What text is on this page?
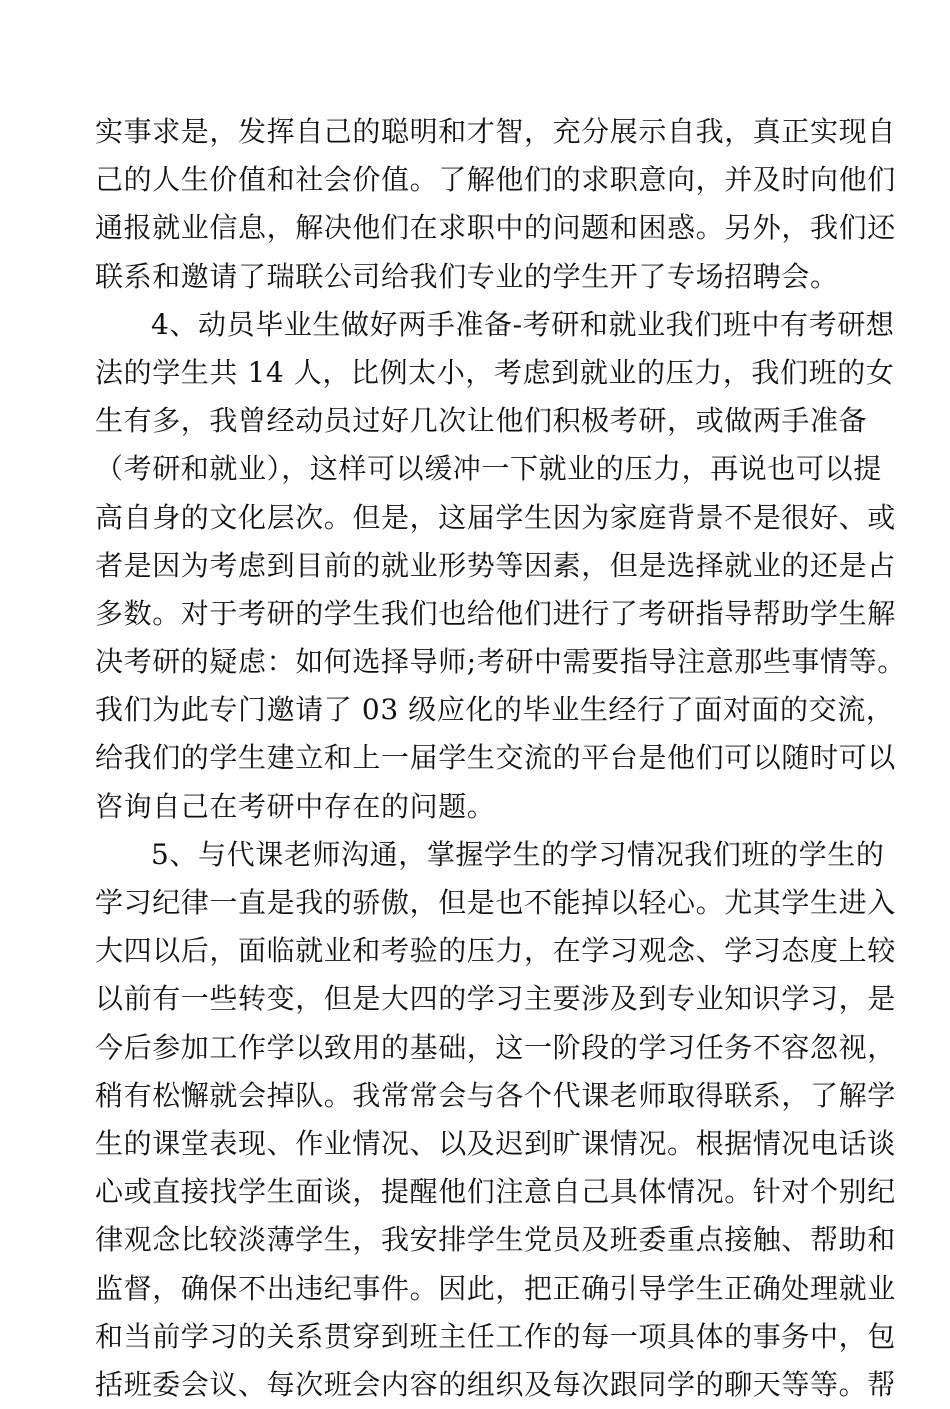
实事求是，发挥自己的聪明和才智，充分展示自我，真正实现自
己的人生价值和社会价值。了解他们的求职意向，并及时向他们
通报就业信息，解决他们在求职中的问题和困惑。另外，我们还
联系和邀请了瑞联公司给我们专业的学生开了专场招聘会。
4、动员毕业生做好两手准备-考研和就业我们班中有考研想
法的学生共 14 人，比例太小，考虑到就业的压力，我们班的女
生有多，我曾经动员过好几次让他们积极考研，或做两手准备
（考研和就业），这样可以缓冲一下就业的压力，再说也可以提
高自身的文化层次。但是，这届学生因为家庭背景不是很好、或
者是因为考虑到目前的就业形势等因素，但是选择就业的还是占
多数。对于考研的学生我们也给他们进行了考研指导帮助学生解
决考研的疑虑：如何选择导师;考研中需要指导注意那些事情等。
我们为此专门邀请了 03 级应化的毕业生经行了面对面的交流，
给我们的学生建立和上一届学生交流的平台是他们可以随时可以
咨询自己在考研中存在的问题。
5、与代课老师沟通，掌握学生的学习情况我们班的学生的
学习纪律一直是我的骄傲，但是也不能掉以轻心。尤其学生进入
大四以后，面临就业和考验的压力，在学习观念、学习态度上较
以前有一些转变，但是大四的学习主要涉及到专业知识学习，是
今后参加工作学以致用的基础，这一阶段的学习任务不容忽视，
稍有松懈就会掉队。我常常会与各个代课老师取得联系，了解学
生的课堂表现、作业情况、以及迟到旷课情况。根据情况电话谈
心或直接找学生面谈，提醒他们注意自己具体情况。针对个别纪
律观念比较淡薄学生，我安排学生党员及班委重点接触、帮助和
监督，确保不出违纪事件。因此，把正确引导学生正确处理就业
和当前学习的关系贯穿到班主任工作的每一项具体的事务中，包
括班委会议、每次班会内容的组织及每次跟同学的聊天等等。帮
